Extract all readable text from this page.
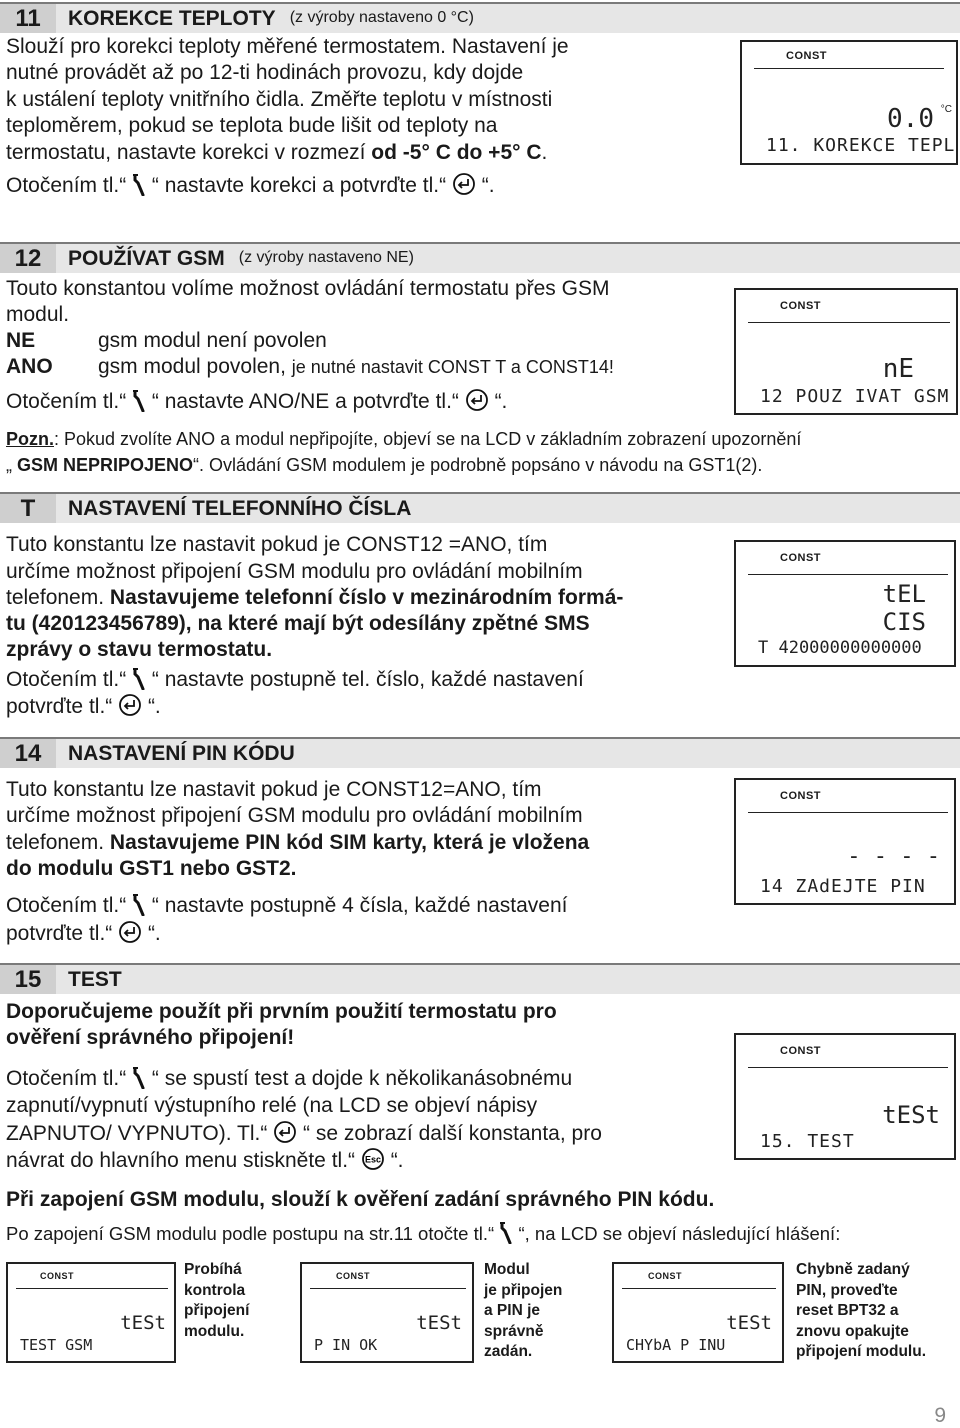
11	KOREKCE TEPLOTY (z výroby nastaveno 0 °C)
Slouží pro korekci teploty měřené termostatem. Nastavení je
nutné provádět až po 12-ti hodinách provozu, kdy dojde
k ustálení teploty vnitřního čidla. Změřte teplotu v místnosti
teploměrem, pokud se teplota bude lišit od teploty na
termostatu, nastavte korekci v rozmezí od -5° C do +5° C.
Otočením tl.“  “ nastavte korekci a potvrďte tl.“  “.
CONST
0.0 °C
11. KOREKCE TEPL
12	POUŽÍVAT GSM (z výroby nastaveno NE)
Touto konstantou volíme možnost ovládání termostatu přes GSM
modul.
NE	gsm modul není povolen
ANO gsm modul povolen, je nutné nastavit CONST T a CONST14!
Otočením tl.“  “ nastavte ANO/NE a potvrďte tl.“  “.
CONST
nE
12 POUZ IVAT GSM
Pozn.: Pokud zvolíte ANO a modul nepřipojíte, objeví se na LCD v základním zobrazení upozornění
„ GSM NEPRIPOJENO“. Ovládání GSM modulem je podrobně popsáno v návodu na GST1(2).
T	NASTAVENÍ TELEFONNÍHO ČÍSLA
Tuto konstantu lze nastavit pokud je CONST12 =ANO, tím
určíme možnost připojení GSM modulu pro ovládání mobilním
telefonem. Nastavujeme telefonní číslo v mezinárodním formá-
tu (420123456789), na které mají být odesílány zpětné SMS
zprávy o stavu termostatu.
Otočením tl.“  “ nastavte postupně tel. číslo, každé nastavení
potvrďte tl.“  “.
CONST
tEL
CIS
T 42000000000000
14	NASTAVENÍ PIN KÓDU
Tuto konstantu lze nastavit pokud je CONST12=ANO, tím
určíme možnost připojení GSM modulu pro ovládání mobilním
telefonem. Nastavujeme PIN kód SIM karty, která je vložena
do modulu GST1 nebo GST2.
Otočením tl.“  “ nastavte postupně 4 čísla, každé nastavení
potvrďte tl.“  “.
CONST
- - - -
14 ZAdEJTE PIN
15	TEST
Doporučujeme použít při prvním použití termostatu pro
ověření správného připojení!
Otočením tl.“  “ se spustí test a dojde k několikanásobnému
zapnutí/vypnutí výstupního relé (na LCD se objeví nápisy
ZAPNUTO/ VYPNUTO). Tl.“  “ se zobrazí další konstanta, pro
návrat do hlavního menu stiskněte tl.“ Esc “.
CONST
tESt
15. TEST
Při zapojení GSM modulu, slouží k ověření zadání správného PIN kódu.
Po zapojení GSM modulu podle postupu na str.11 otočte tl.“  “, na LCD se objeví následující hlášení:
CONST
tESt
TEST GSM
Probíhá
kontrola
připojení
modulu.
CONST
tESt
P IN OK
Modul
je připojen
a PIN je
správně
zadán.
CONST
tESt
CHYbA P INU
Chybně zadaný
PIN, proveďte
reset BPT32 a
znovu opakujte
připojení modulu.
9
